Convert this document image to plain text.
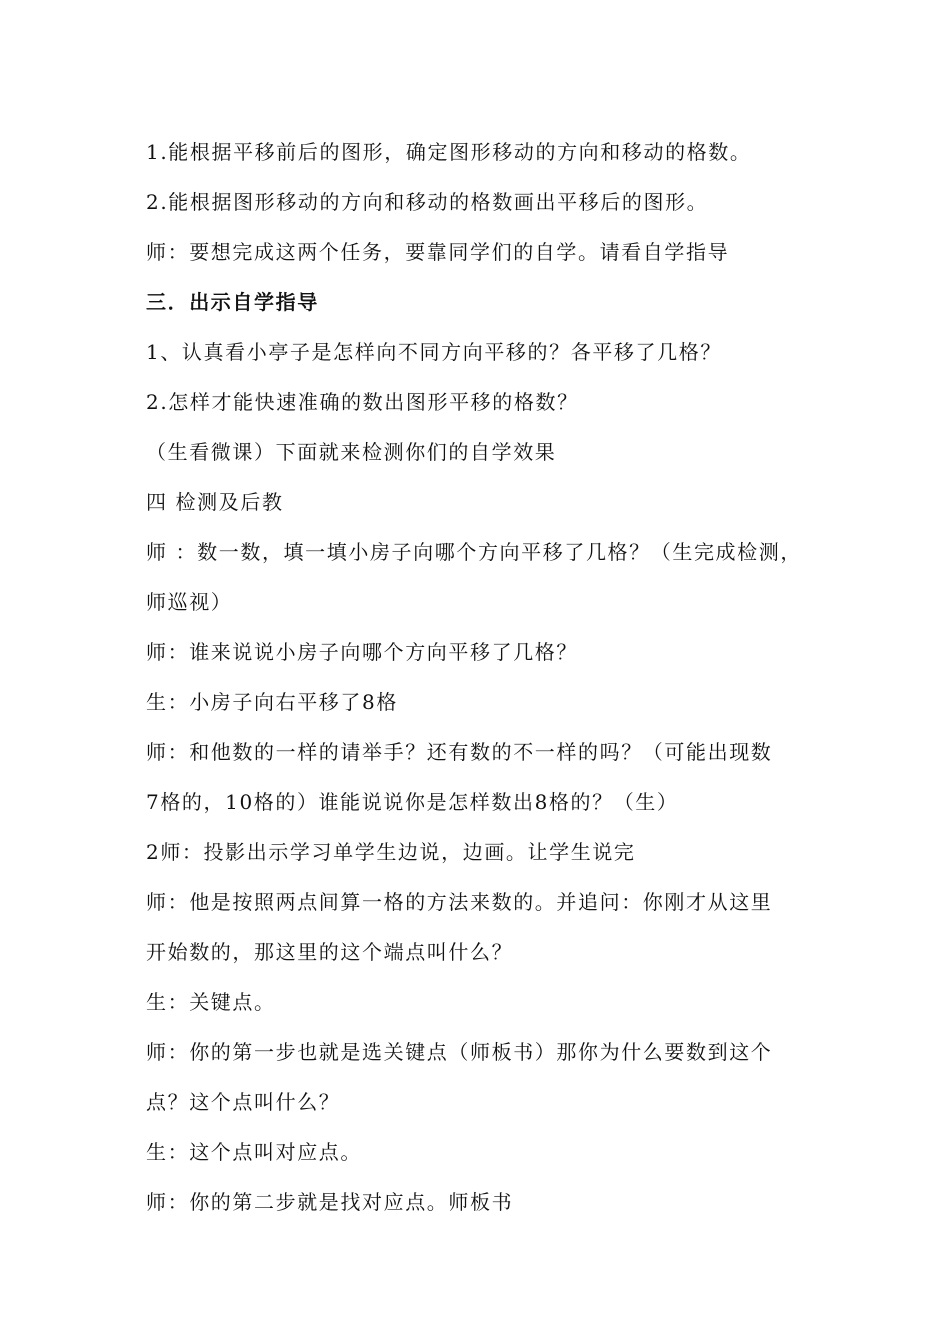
1.能根据平移前后的图形，确定图形移动的方向和移动的格数。
2.能根据图形移动的方向和移动的格数画出平移后的图形。
师：要想完成这两个任务，要靠同学们的自学。请看自学指导
三．出示自学指导
1、认真看小亭子是怎样向不同方向平移的？各平移了几格？
2.怎样才能快速准确的数出图形平移的格数？
（生看微课）下面就来检测你们的自学效果
四 检测及后教
师 ：数一数，填一填小房子向哪个方向平移了几格？（生完成检测，
师巡视）
师：谁来说说小房子向哪个方向平移了几格？
生：小房子向右平移了8格
师：和他数的一样的请举手？还有数的不一样的吗？（可能出现数
7格的，10格的）谁能说说你是怎样数出8格的？（生）
2师：投影出示学习单学生边说，边画。让学生说完
师：他是按照两点间算一格的方法来数的。并追问：你刚才从这里
开始数的，那这里的这个端点叫什么？
生：关键点。
师：你的第一步也就是选关键点（师板书）那你为什么要数到这个
点？这个点叫什么？
生：这个点叫对应点。
师：你的第二步就是找对应点。师板书
